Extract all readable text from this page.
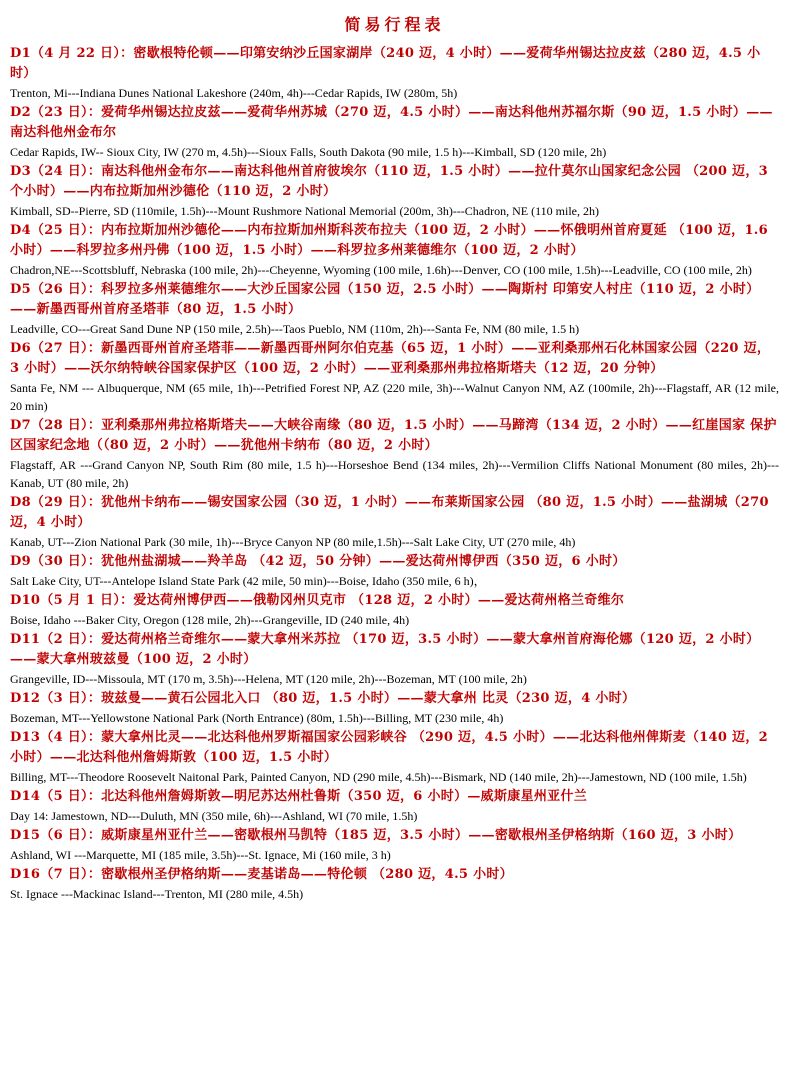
简易行程表

D1（4 月 22 日）：密歇根特伦顿——印第安纳沙丘国家湖岸（240 迈，4 小时）——爱荷华州锡达拉皮兹（280 迈，4.5 小 时）

Trenton, Mi---Indiana Dunes National Lakeshore (240m, 4h)---Cedar Rapids, IW (280m, 5h)

D2（23 日）：爱荷华州锡达拉皮兹——爱荷华州苏城（270 迈，4.5 小时）——南达科他州苏福尔斯（90 迈，1.5 小时）——南达科他州金布尔

Cedar Rapids, IW-- Sioux City, IW (270 m, 4.5h)---Sioux Falls, South Dakota (90 mile, 1.5 h)---Kimball, SD (120 mile, 2h)

D3（24 日）：南达科他州金布尔——南达科他州首府彼埃尔（110 迈，1.5 小时）——拉什莫尔山国家纪念公园 （200 迈，3 个小时）——内布拉斯加州沙德伦（110 迈，2 小时）

Kimball, SD--Pierre, SD (110mile, 1.5h)---Mount Rushmore National Memorial (200m, 3h)---Chadron, NE (110 mile, 2h)

D4（25 日）：内布拉斯加州沙德伦——内布拉斯加州斯科茨布拉夫（100 迈，2 小时）——怀俄明州首府夏延 （100 迈，1.6 小时）——科罗拉多州丹佛（100 迈，1.5 小时）——科罗拉多州莱德维尔（100 迈，2 小时）

Chadron,NE---Scottsbluff, Nebraska (100 mile, 2h)---Cheyenne, Wyoming (100 mile, 1.6h)---Denver, CO (100 mile, 1.5h)---Leadville, CO (100 mile, 2h)

D5（26 日）：科罗拉多州莱德维尔——大沙丘国家公园（150 迈，2.5 小时）——陶斯村 印第安人村庄（110 迈，2 小时）——新墨西哥州首府圣塔菲（80 迈，1.5 小时）

Leadville, CO---Great Sand Dune NP (150 mile, 2.5h)---Taos Pueblo, NM (110m, 2h)---Santa Fe, NM (80 mile, 1.5 h)

D6（27 日）：新墨西哥州首府圣塔菲——新墨西哥州阿尔伯克基（65 迈，1 小时）——亚利桑那州石化林国家公园（220 迈，3 小时）——沃尔纳特峡谷国家保护区（100 迈，2 小时）——亚利桑那州弗拉格斯塔夫（12 迈，20 分钟）

Santa Fe, NM --- Albuquerque, NM (65 mile, 1h)---Petrified Forest NP, AZ (220 mile, 3h)---Walnut Canyon NM, AZ (100mile, 2h)---Flagstaff, AR (12 mile, 20 min)

D7（28 日）：亚利桑那州弗拉格斯塔夫——大峡谷南缘（80 迈，1.5 小时）——马蹄湾（134 迈，2 小时）——红崖国家 保护区国家纪念地（（80 迈，2 小时）——犹他州卡纳布（80 迈，2 小时）

Flagstaff, AR ---Grand Canyon NP, South Rim (80 mile, 1.5 h)---Horseshoe Bend (134 miles, 2h)---Vermilion Cliffs National Monument (80 miles, 2h)---Kanab, UT (80 mile, 2h)

D8（29 日）：犹他州卡纳布——锡安国家公园（30 迈，1 小时）——布莱斯国家公园 （80 迈，1.5 小时）——盐湖城（270 迈，4 小时）

Kanab, UT---Zion National Park (30 mile, 1h)---Bryce Canyon NP (80 mile,1.5h)---Salt Lake City, UT (270 mile, 4h)

D9（30 日）：犹他州盐湖城——羚羊岛 （42 迈，50 分钟）——爱达荷州博伊西（350 迈，6 小时）

Salt Lake City, UT---Antelope Island State Park (42 mile, 50 min)---Boise, Idaho (350 mile, 6 h)，

D10（5 月 1 日）：爱达荷州博伊西——俄勒冈州贝克市 （128 迈，2 小时）——爱达荷州格兰奇维尔

Boise, Idaho ---Baker City, Oregon (128 mile, 2h)---Grangeville, ID (240 mile, 4h)

D11（2 日）：爱达荷州格兰奇维尔——蒙大拿州米苏拉 （170 迈，3.5 小时）——蒙大拿州首府海伦娜（120 迈，2 小时）——蒙大拿州玻兹曼（100 迈，2 小时）

Grangeville, ID---Missoula, MT (170 m, 3.5h)---Helena, MT (120 mile, 2h)---Bozeman, MT (100 mile, 2h)

D12（3 日）：玻兹曼——黄石公园北入口 （80 迈，1.5 小时）——蒙大拿州 比灵（230 迈，4 小时）

Bozeman, MT---Yellowstone National Park (North Entrance) (80m, 1.5h)---Billing, MT (230 mile, 4h)

D13（4 日）：蒙大拿州比灵——北达科他州罗斯福国家公园彩峡谷 （290 迈，4.5 小时）——北达科他州俾斯麦（140 迈，2 小时）——北达科他州詹姆斯敦（100 迈，1.5 小时）

Billing, MT---Theodore Roosevelt Naitonal Park, Painted Canyon, ND (290 mile, 4.5h)---Bismark, ND (140 mile, 2h)---Jamestown, ND (100 mile, 1.5h)

D14（5 日）：北达科他州詹姆斯敦—明尼苏达州杜鲁斯（350 迈，6 小时）—威斯康星州亚什兰

Day 14: Jamestown, ND---Duluth, MN (350 mile, 6h)---Ashland, WI (70 mile, 1.5h)

D15（6 日）：威斯康星州亚什兰——密歇根州马凯特（185 迈，3.5 小时）——密歇根州圣伊格纳斯（160 迈，3 小时）

Ashland, WI ---Marquette, MI (185 mile, 3.5h)---St. Ignace, Mi (160 mile, 3 h)

D16（7 日）：密歇根州圣伊格纳斯——麦基诺岛——特伦顿 （280 迈，4.5 小时）

St. Ignace ---Mackinac Island---Trenton, MI (280 mile, 4.5h)
